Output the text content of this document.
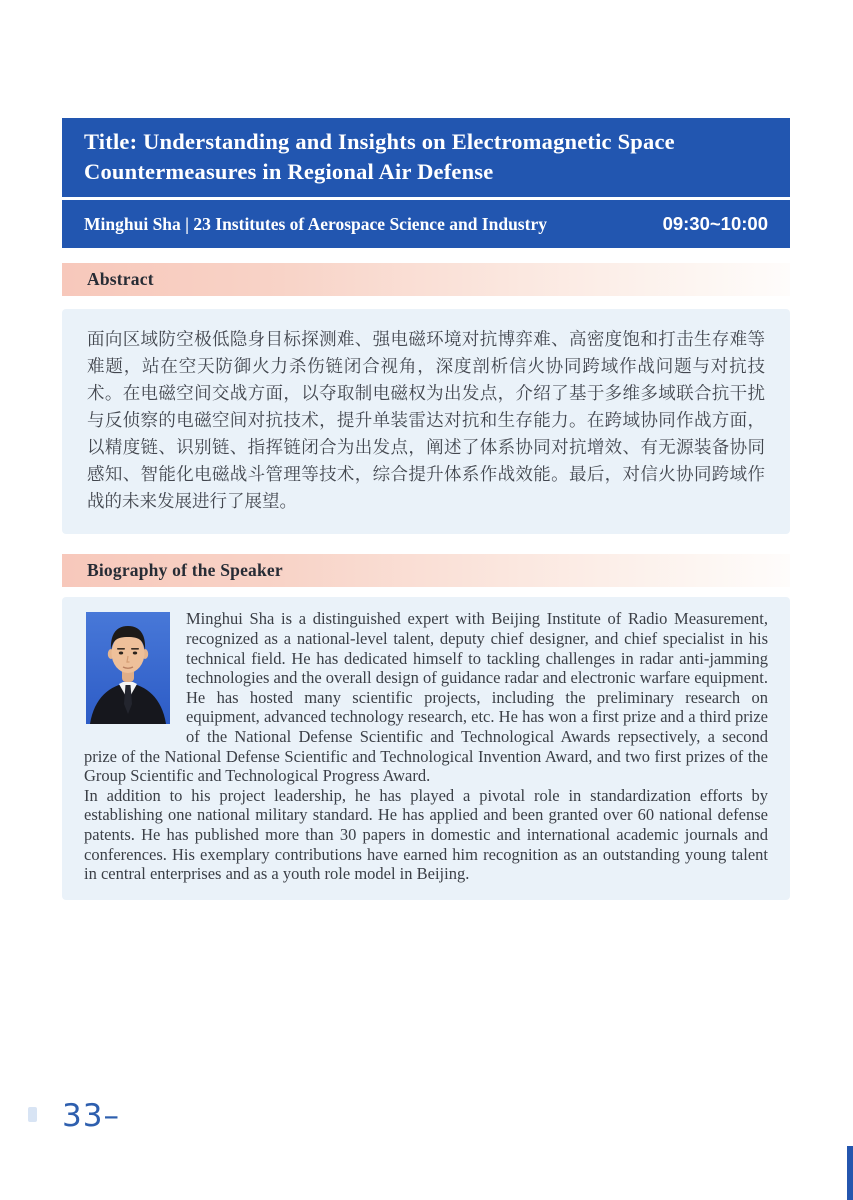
Title: Understanding and Insights on Electromagnetic Space Countermeasures in Regional Air Defense
Minghui Sha | 23 Institutes of Aerospace Science and Industry	09:30~10:00
Abstract

面向区域防空极低隐身目标探测难、强电磁环境对抗博弈难、高密度饱和打击生存难等难题，站在空天防御火力杀伤链闭合视角，深度剖析信火协同跨域作战问题与对抗技术。在电磁空间交战方面，以夺取制电磁权为出发点，介绍了基于多维多域联合抗干扰与反侦察的电磁空间对抗技术，提升单装雷达对抗和生存能力。在跨域协同作战方面，以精度链、识别链、指挥链闭合为出发点，阐述了体系协同对抗增效、有无源装备协同感知、智能化电磁战斗管理等技术，综合提升体系作战效能。最后，对信火协同跨域作战的未来发展进行了展望。

Biography of the Speaker

Minghui Sha is a distinguished expert with Beijing Institute of Radio Measurement, recognized as a national-level talent, deputy chief designer, and chief specialist in his technical field. He has dedicated himself to tackling challenges in radar anti-jamming technologies and the overall design of guidance radar and electronic warfare equipment. He has hosted many scientific projects, including the preliminary research on equipment, advanced technology research, etc. He has won a first prize and a third prize of the National Defense Scientific and Technological Awards repsectively, a second prize of the National Defense Scientific and Technological Invention Award, and two first prizes of the Group Scientific and Technological Progress Award.

In addition to his project leadership, he has played a pivotal role in standardization efforts by establishing one national military standard. He has applied and been granted over 60 national defense patents. He has published more than 30 papers in domestic and international academic journals and conferences. His exemplary contributions have earned him recognition as an outstanding young talent in central enterprises and as a youth role model in Beijing.

33–
